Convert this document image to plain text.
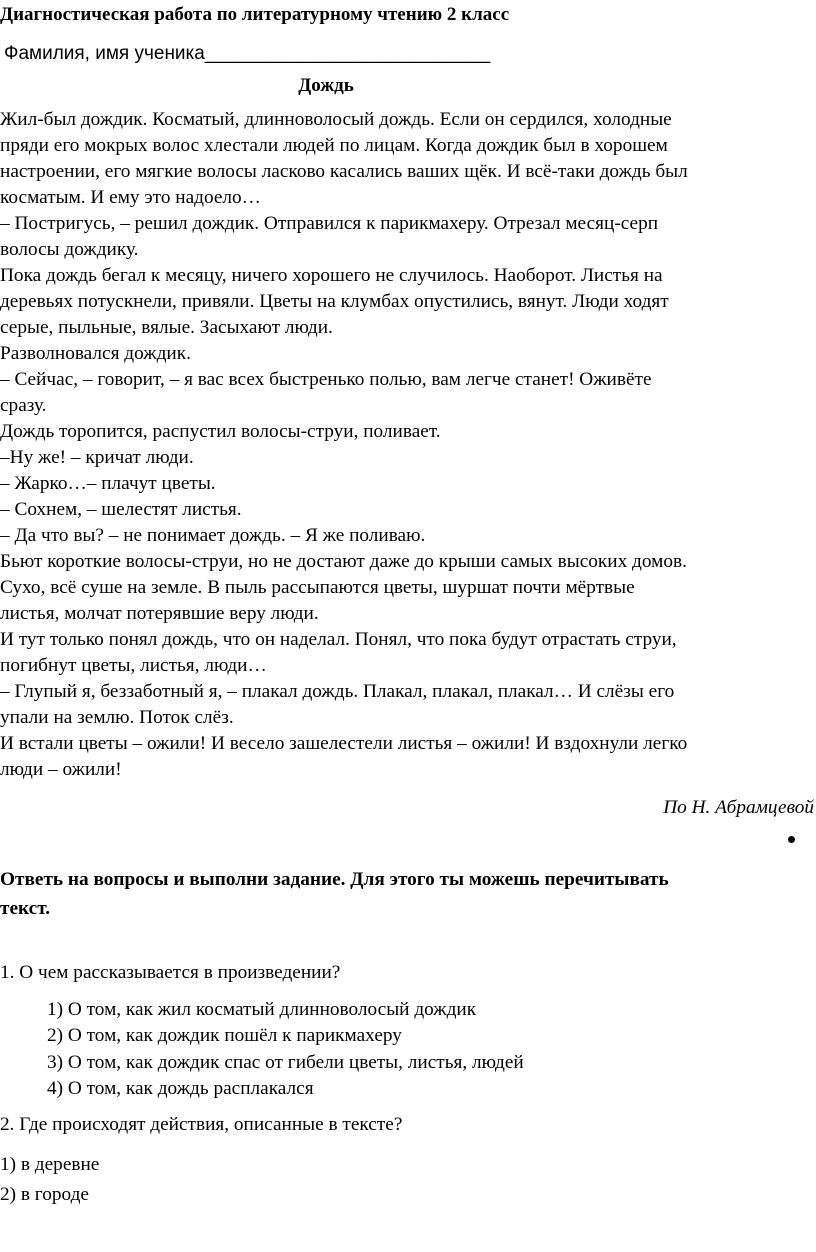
Диагностическая работа по литературному чтению 2 класс
Фамилия, имя ученика___________________________
Дождь

Жил-был дождик. Косматый, длинноволосый дождь. Если он сердился, холодные

пряди его мокрых волос хлестали людей по лицам. Когда дождик был в хорошем

настроении, его мягкие волосы ласково касались ваших щёк. И всё-таки дождь был

косматым. И ему это надоело…

– Постригусь, – решил дождик. Отправился к парикмахеру. Отрезал месяц-серп

волосы дождику.

Пока дождь бегал к месяцу, ничего хорошего не случилось. Наоборот. Листья на

деревьях потускнели, привяли. Цветы на клумбах опустились, вянут. Люди ходят

серые, пыльные, вялые. Засыхают люди.

Разволновался дождик.

– Сейчас, – говорит, – я вас всех быстренько полью, вам легче станет! Оживёте

сразу.

Дождь торопится, распустил волосы-струи, поливает.

–Ну же! – кричат люди.

– Жарко…– плачут цветы.

– Сохнем, – шелестят листья.

– Да что вы? – не понимает дождь. – Я же поливаю.

Бьют короткие волосы-струи, но не достают даже до крыши самых высоких домов.

Сухо, всё суше на земле. В пыль рассыпаются цветы, шуршат почти мёртвые

листья, молчат потерявшие веру люди.

И тут только понял дождь, что он наделал. Понял, что пока будут отрастать струи,

погибнут цветы, листья, люди…

– Глупый я, беззаботный я, – плакал дождь. Плакал, плакал, плакал… И слёзы его

упали на землю. Поток слёз.

И встали цветы – ожили! И весело зашелестели листья – ожили! И вздохнули легко

люди – ожили!

По Н. Абрамцевой

Ответь на вопросы и выполни задание. Для этого ты можешь перечитывать

текст.

1. О чем рассказывается в произведении?
1) О том, как жил косматый длинноволосый дождик
2) О том, как дождик пошёл к парикмахеру
3) О том, как дождик спас от гибели цветы, листья, людей
4) О том, как дождь расплакался
2. Где происходят действия, описанные в тексте?
1) в деревне
2) в городе
